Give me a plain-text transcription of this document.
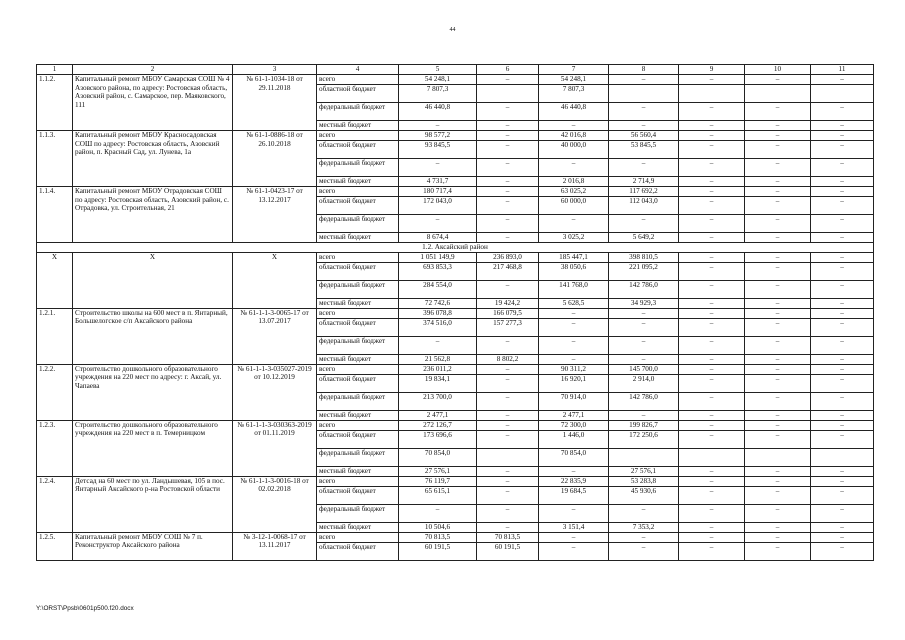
44
1	2	3	4	5	6	7	8	9	10	11
1.1.2.	Капитальный ремонт МБОУ Самарская СОШ № 4 Азовского района, по адресу: Ростовская область, Азовский район, с. Самарское, пер. Маяковского, 111	№ 61-1-1034-18 от 29.11.2018	всего	54 248,1	–	54 248,1	–	–	–	–
			областной бюджет	7 807,3		7 807,3				
			федеральный бюджет	46 440,8	–	46 440,8	–	–	–	–
			местный бюджет	–	–	–	–	–	–	–
1.1.3.	Капитальный ремонт МБОУ Красносадовская СОШ по адресу: Ростовская область, Азовский район, п. Красный Сад, ул. Лунева, 1а	№ 61-1-0886-18 от 26.10.2018	всего	98 577,2	–	42 016,8	56 560,4	–	–	–
			областной бюджет	93 845,5	–	40 000,0	53 845,5	–	–	–
			федеральный бюджет	–	–	–	–	–	–	–
			местный бюджет	4 731,7	–	2 016,8	2 714,9	–	–	–
1.1.4.	Капитальный ремонт МБОУ Отрадовская СОШ по адресу: Ростовская область, Азовский район, с. Отрадовка, ул. Строительная, 21	№ 61-1-0423-17 от 13.12.2017	всего	180 717,4	–	63 025,2	117 692,2	–	–	–
			областной бюджет	172 043,0	–	60 000,0	112 043,0	–	–	–
			федеральный бюджет	–	–	–	–	–	–	–
			местный бюджет	8 674,4	–	3 025,2	5 649,2	–	–	–
1.2. Аксайский район										
X	X	X	всего	1 051 149,9	236 893,0	185 447,1	398 810,5	–	–	–
			областной бюджет	693 853,3	217 468,8	38 050,6	221 095,2	–	–	–
			федеральный бюджет	284 554,0	–	141 768,0	142 786,0	–	–	–
			местный бюджет	72 742,6	19 424,2	5 628,5	34 929,3	–	–	–
1.2.1.	Строительство школы на 600 мест в п. Янтарный, Большелогское с/п Аксайского района	№ 61-1-1-3-0065-17 от 13.07.2017	всего	396 078,8	166 079,5	–	–	–	–	–
			областной бюджет	374 516,0	157 277,3	–	–	–	–	–
			федеральный бюджет	–	–	–	–	–	–	–
			местный бюджет	21 562,8	8 802,2	–	–	–	–	–
1.2.2.	Строительство дошкольного образовательного учреждения на 220 мест по адресу: г. Аксай, ул. Чапаева	№ 61-1-1-3-035027-2019 от 10.12.2019	всего	236 011,2	–	90 311,2	145 700,0	–	–	–
			областной бюджет	19 834,1	–	16 920,1	2 914,0	–	–	–
			федеральный бюджет	213 700,0	–	70 914,0	142 786,0	–	–	–
			местный бюджет	2 477,1	–	2 477,1	–	–	–	–
1.2.3.	Строительство дошкольного образовательного учреждения на 220 мест в п. Темерницком	№ 61-1-1-3-030363-2019 от 01.11.2019	всего	272 126,7	–	72 300,0	199 826,7	–	–	–
			областной бюджет	173 696,6	–	1 446,0	172 250,6	–	–	–
			федеральный бюджет	70 854,0		70 854,0				
			местный бюджет	27 576,1	–	–	27 576,1	–	–	–
1.2.4.	Детсад на 60 мест по ул. Ландышевая, 105 в пос. Янтарный Аксайского р-на Ростовской области	№ 61-1-1-3-0016-18 от 02.02.2018	всего	76 119,7	–	22 835,9	53 283,8	–	–	–
			областной бюджет	65 615,1	–	19 684,5	45 930,6	–	–	–
			федеральный бюджет	–	–	–	–	–	–	–
			местный бюджет	10 504,6	–	3 151,4	7 353,2	–	–	–
1.2.5.	Капитальный ремонт МБОУ СОШ № 7 п. Реконструктор Аксайского района	№ 3-12-1-0068-17 от 13.11.2017	всего	70 813,5	70 813,5	–	–	–	–	–
			областной бюджет	60 191,5	60 191,5	–	–	–	–	–
Y:\ORST\Ppsb\0601p500.f20.docx
